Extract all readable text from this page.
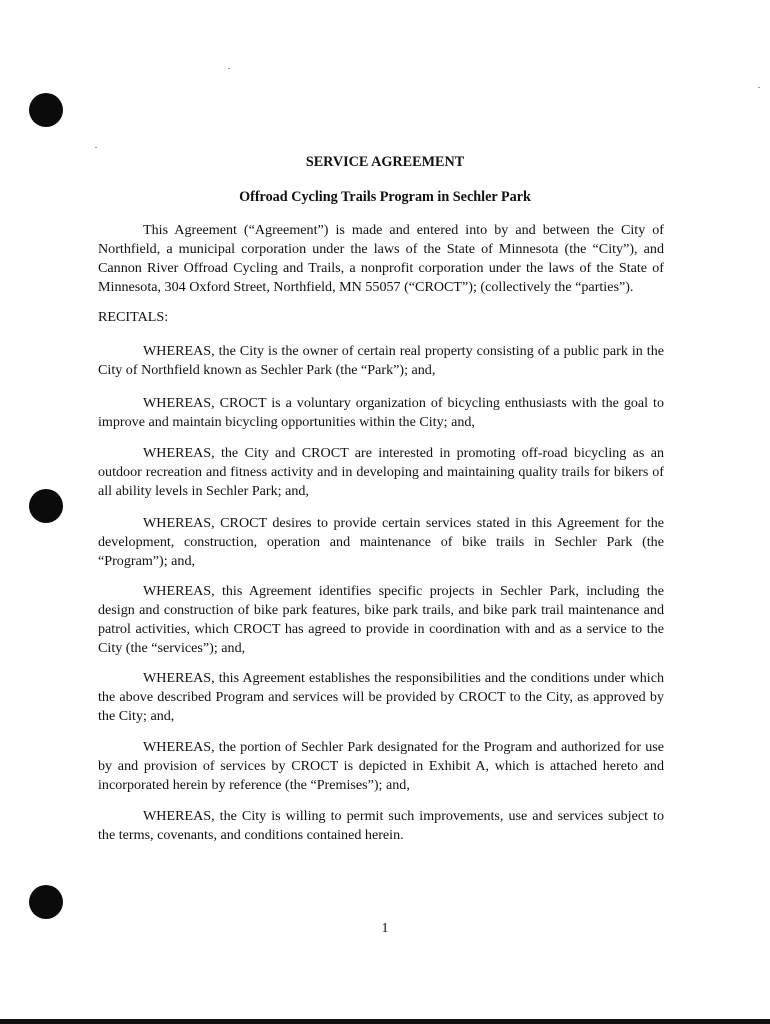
SERVICE AGREEMENT
Offroad Cycling Trails Program in Sechler Park

This Agreement (“Agreement”) is made and entered into by and between the City of Northfield, a municipal corporation under the laws of the State of Minnesota (the “City”), and Cannon River Offroad Cycling and Trails, a nonprofit corporation under the laws of the State of Minnesota, 304 Oxford Street, Northfield, MN 55057 (“CROCT”); (collectively the “parties”).

RECITALS:

WHEREAS, the City is the owner of certain real property consisting of a public park in the City of Northfield known as Sechler Park (the “Park”); and,

WHEREAS, CROCT is a voluntary organization of bicycling enthusiasts with the goal to improve and maintain bicycling opportunities within the City; and,

WHEREAS, the City and CROCT are interested in promoting off-road bicycling as an outdoor recreation and fitness activity and in developing and maintaining quality trails for bikers of all ability levels in Sechler Park; and,

WHEREAS, CROCT desires to provide certain services stated in this Agreement for the development, construction, operation and maintenance of bike trails in Sechler Park (the “Program”); and,

WHEREAS, this Agreement identifies specific projects in Sechler Park, including the design and construction of bike park features, bike park trails, and bike park trail maintenance and patrol activities, which CROCT has agreed to provide in coordination with and as a service to the City (the “services”); and,

WHEREAS, this Agreement establishes the responsibilities and the conditions under which the above described Program and services will be provided by CROCT to the City, as approved by the City; and,

WHEREAS, the portion of Sechler Park designated for the Program and authorized for use by and provision of services by CROCT is depicted in Exhibit A, which is attached hereto and incorporated herein by reference (the “Premises”); and,

WHEREAS, the City is willing to permit such improvements, use and services subject to the terms, covenants, and conditions contained herein.

1
